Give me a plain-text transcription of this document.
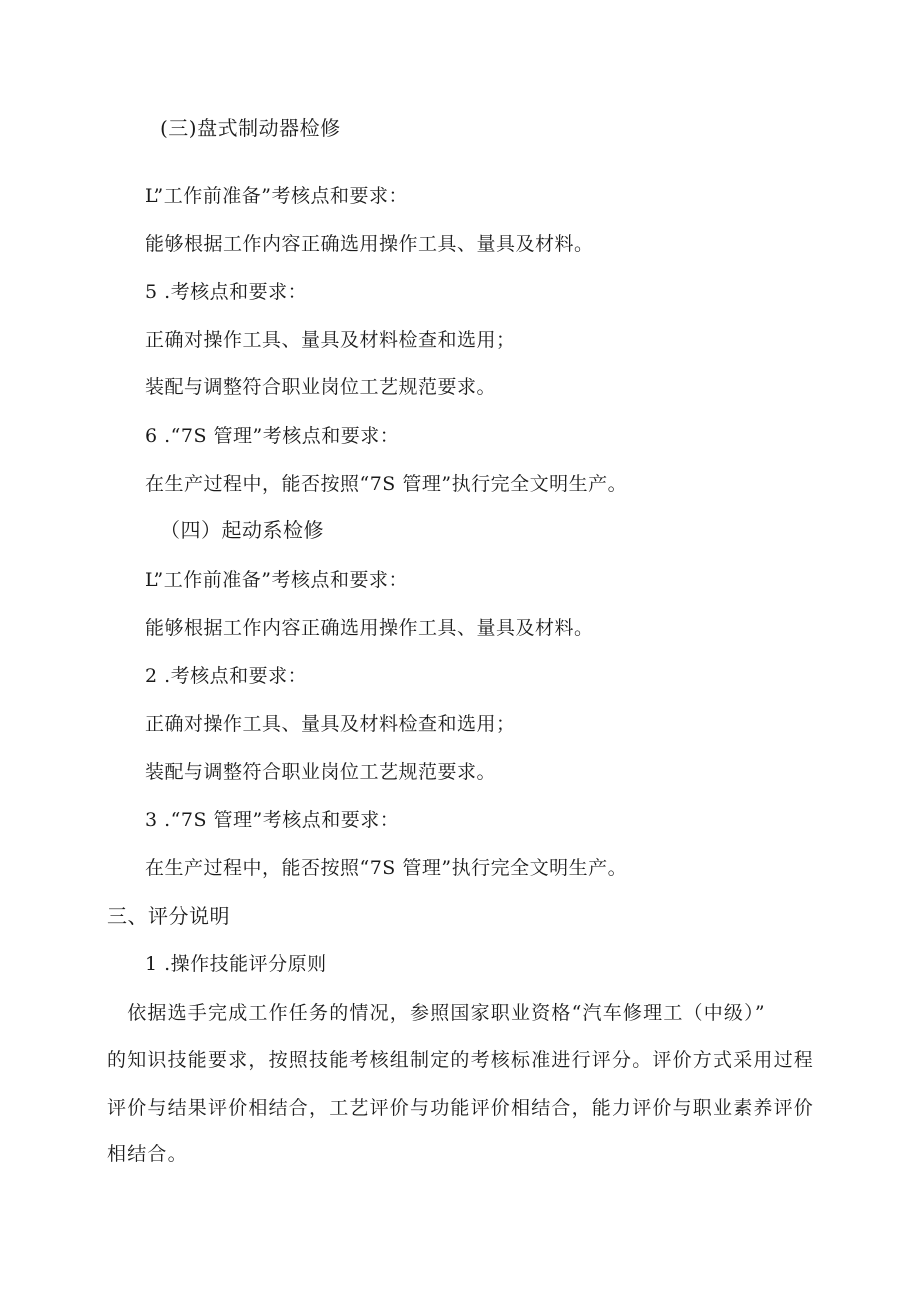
(三)盘式制动器检修
L”工作前准备”考核点和要求：
能够根据工作内容正确选用操作工具、量具及材料。
5 .考核点和要求：
正确对操作工具、量具及材料检查和选用；
装配与调整符合职业岗位工艺规范要求。
6 .“7S 管理”考核点和要求：
在生产过程中，能否按照“7S 管理”执行完全文明生产。
（四）起动系检修
L”工作前准备”考核点和要求：
能够根据工作内容正确选用操作工具、量具及材料。
2 .考核点和要求：
正确对操作工具、量具及材料检查和选用；
装配与调整符合职业岗位工艺规范要求。
3 .“7S 管理”考核点和要求：
在生产过程中，能否按照“7S 管理”执行完全文明生产。
三、评分说明
1 .操作技能评分原则
　依据选手完成工作任务的情况，参照国家职业资格“汽车修理工（中级）”
的知识技能要求，按照技能考核组制定的考核标准进行评分。评价方式采用过程
评价与结果评价相结合，工艺评价与功能评价相结合，能力评价与职业素养评价
相结合。
